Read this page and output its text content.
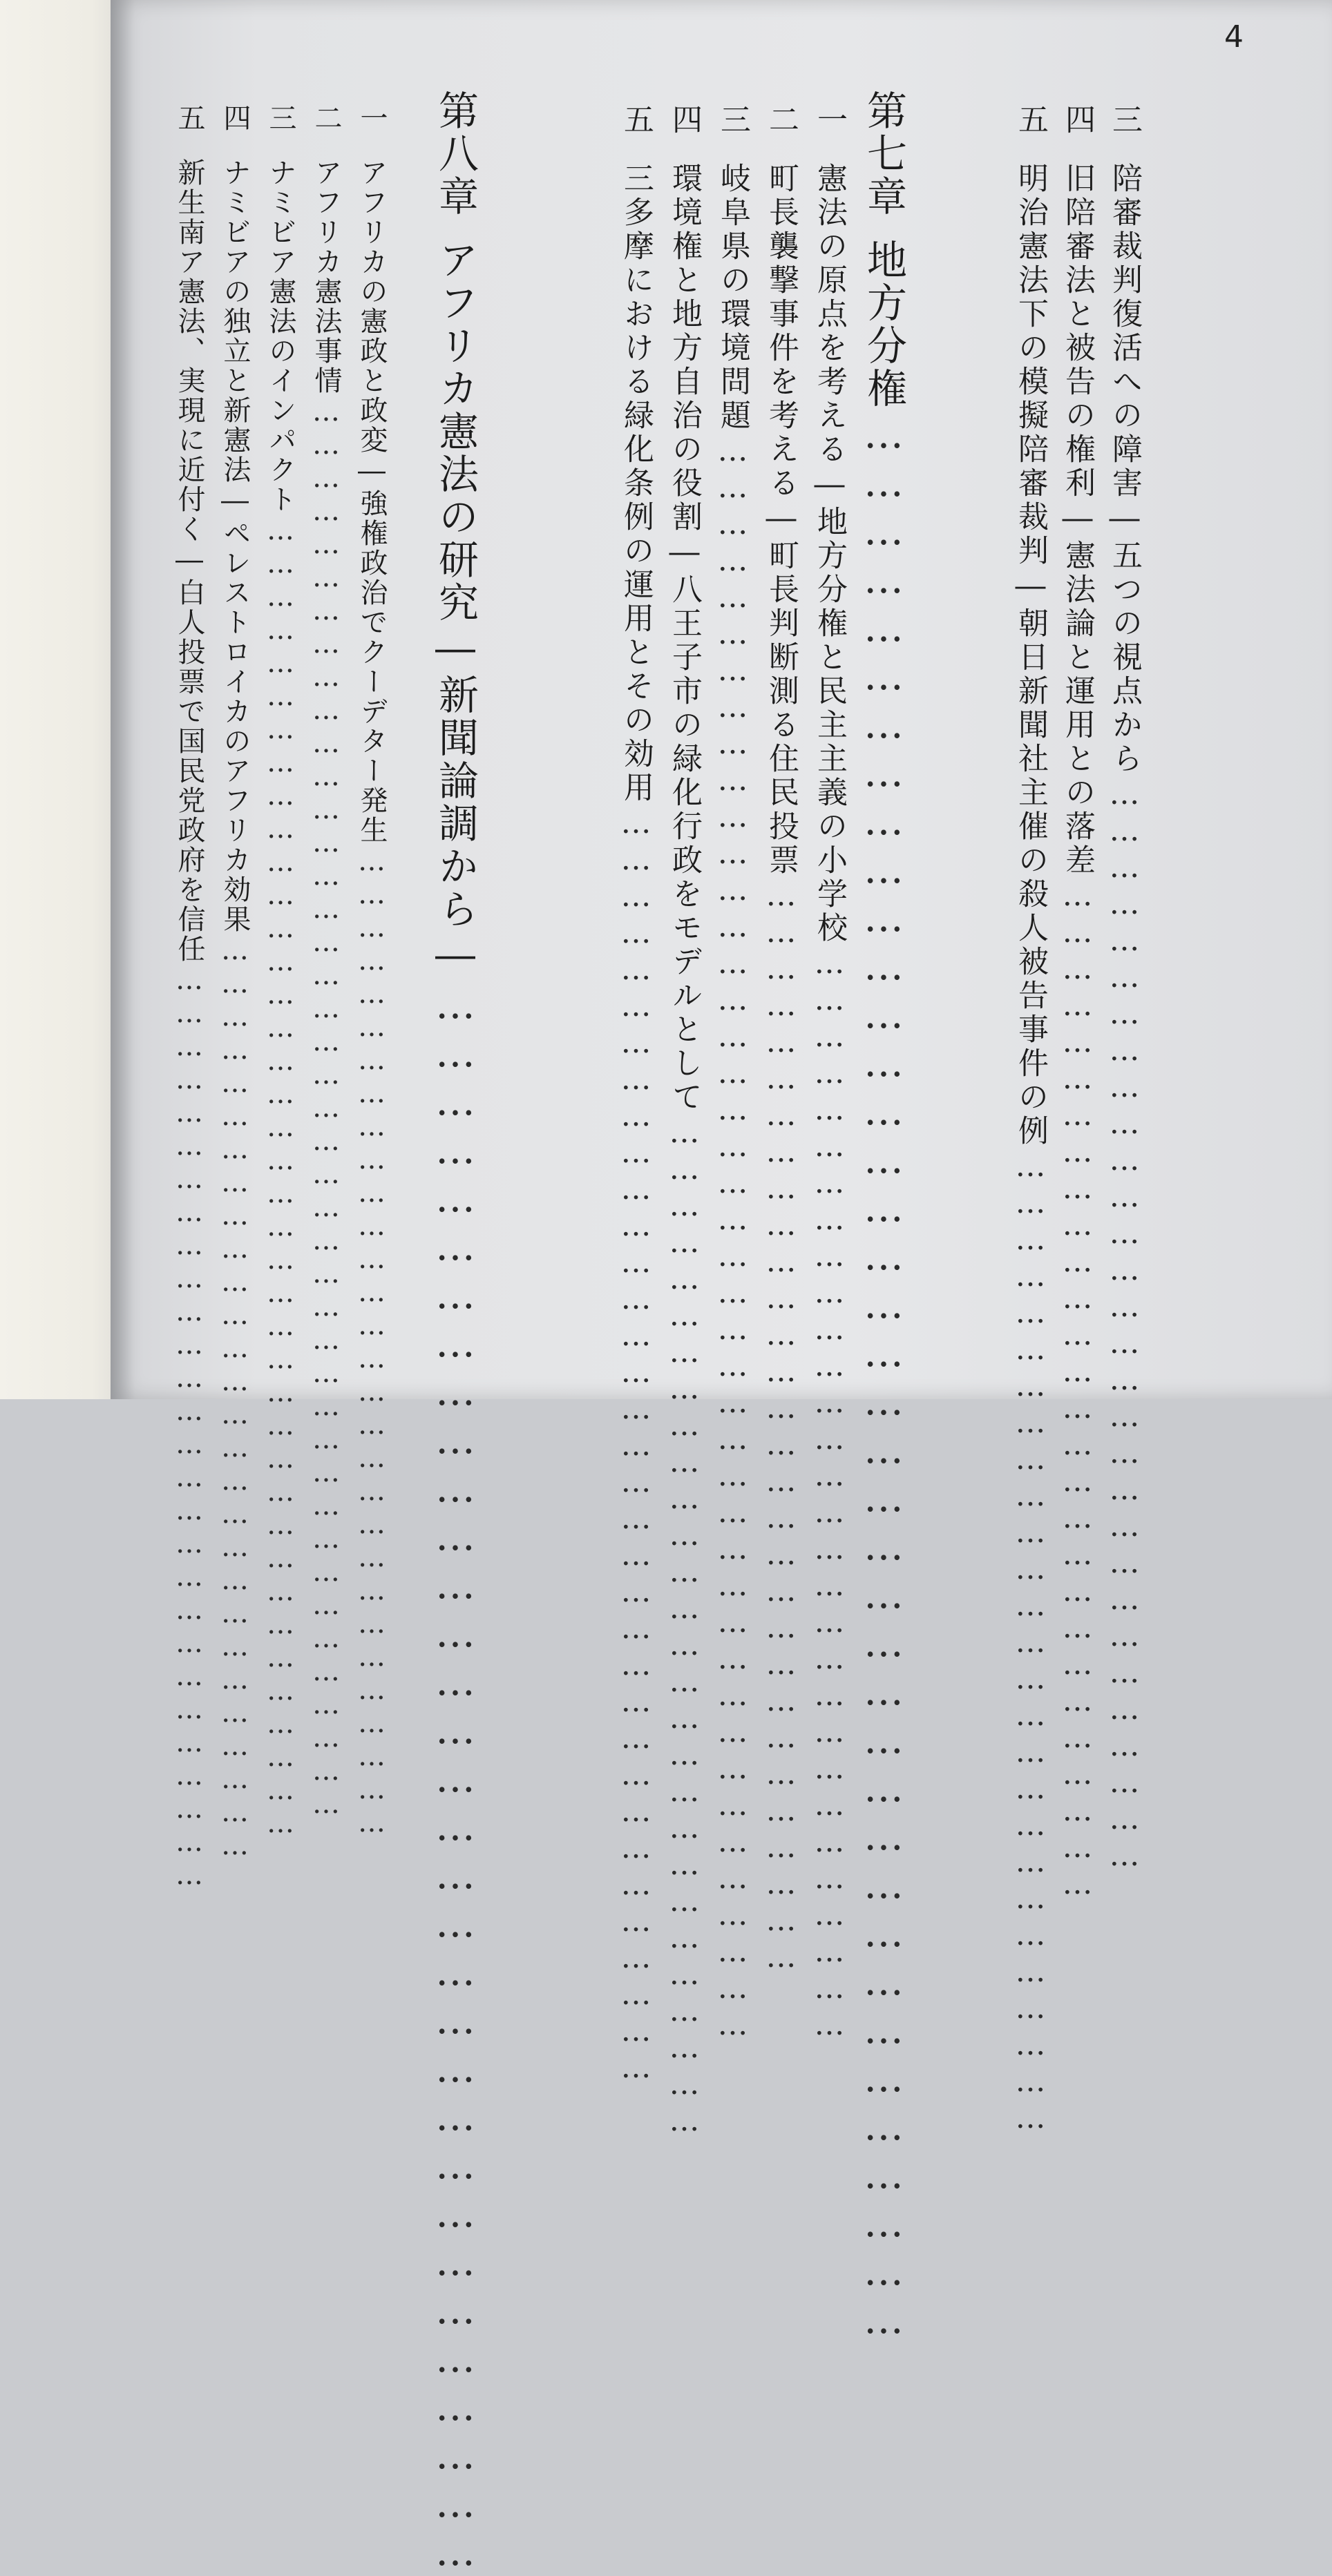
4
三陪審裁判復活への障害―五つの視点から………………………………………………………………………………
四旧陪審法と被告の権利―憲法論と運用との落差…………………………………………………………………………
五明治憲法下の模擬陪審裁判―朝日新聞社主催の殺人被告事件の例………………………………………………………………………
第七章地方分権…………………………………………………………………………………………………………
一憲法の原点を考える―地方分権と民主主義の小学校………………………………………………………………………………
二町長襲撃事件を考える―町長判断測る住民投票………………………………………………………………………………
三岐阜県の環境問題……………………………………………………………………………………………………………………
四環境権と地方自治の役割―八王子市の緑化行政をモデルとして…………………………………………………………………………
五三多摩における緑化条例の運用とその効用……………………………………………………………………………………………
第八章アフリカ憲法の研究―新聞論調から―………………………………………………………………………………………
一アフリカの憲政と政変―強権政治でクーデター発生………………………………………………………………………………
二アフリカ憲法事情…………………………………………………………………………………………………………………
三ナミビア憲法のインパクト…………………………………………………………………………………………………………
四ナミビアの独立と新憲法―ペレストロイカのアフリカ効果…………………………………………………………………………
五新生南ア憲法、実現に近付く―白人投票で国民党政府を信任…………………………………………………………………………
